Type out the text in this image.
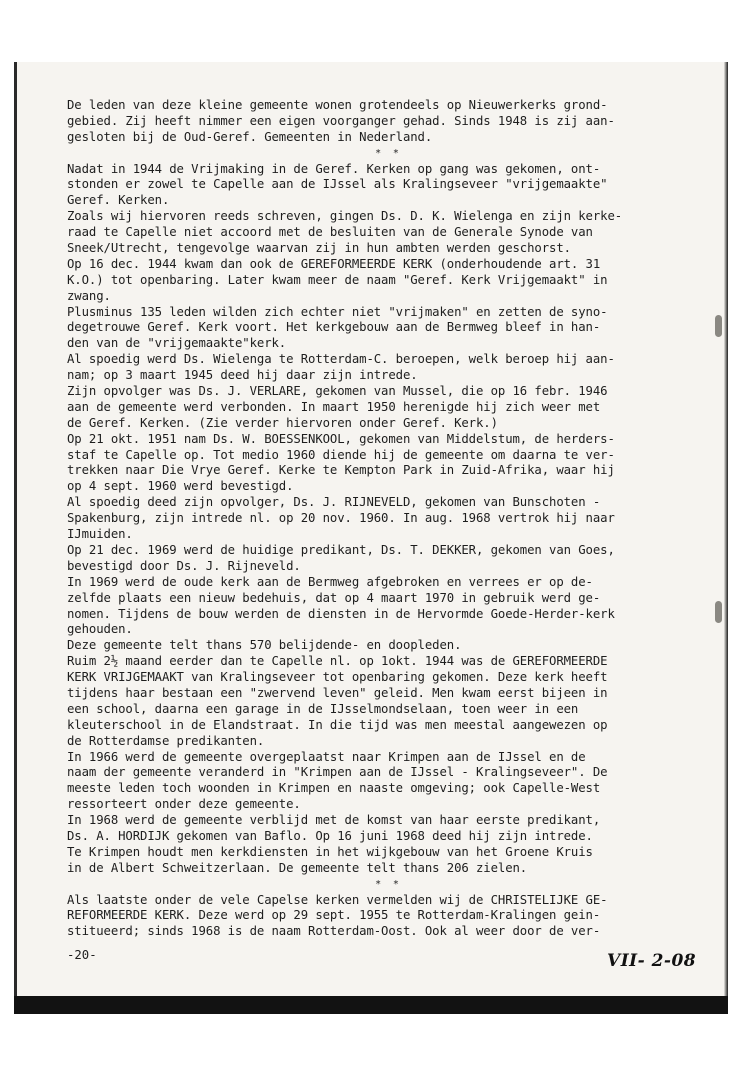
De leden van deze kleine gemeente wonen grotendeels op Nieuwerkerks grond-
gebied. Zij heeft nimmer een eigen voorganger gehad. Sinds 1948 is zij aan-
gesloten bij de Oud-Geref. Gemeenten in Nederland.
*  *
Nadat in 1944 de Vrijmaking in de Geref. Kerken op gang was gekomen, ont-
stonden er zowel te Capelle aan de IJssel als Kralingseveer "vrijgemaakte"
Geref. Kerken.
Zoals wij hiervoren reeds schreven, gingen Ds. D. K. Wielenga en zijn kerke-
raad te Capelle niet accoord met de besluiten van de Generale Synode van
Sneek/Utrecht, tengevolge waarvan zij in hun ambten werden geschorst.
Op 16 dec. 1944 kwam dan ook de GEREFORMEERDE KERK (onderhoudende art. 31
K.O.) tot openbaring. Later kwam meer de naam "Geref. Kerk Vrijgemaakt" in
zwang.
Plusminus 135 leden wilden zich echter niet "vrijmaken" en zetten de syno-
degetrouwe Geref. Kerk voort. Het kerkgebouw aan de Bermweg bleef in han-
den van de "vrijgemaakte"kerk.
Al spoedig werd Ds. Wielenga te Rotterdam-C. beroepen, welk beroep hij aan-
nam; op 3 maart 1945 deed hij daar zijn intrede.
Zijn opvolger was Ds. J. VERLARE, gekomen van Mussel, die op 16 febr. 1946
aan de gemeente werd verbonden. In maart 1950 herenigde hij zich weer met
de Geref. Kerken. (Zie verder hiervoren onder Geref. Kerk.)
Op 21 okt. 1951 nam Ds. W. BOESSENKOOL, gekomen van Middelstum, de herders-
staf te Capelle op. Tot medio 1960 diende hij de gemeente om daarna te ver-
trekken naar Die Vrye Geref. Kerke te Kempton Park in Zuid-Afrika, waar hij
op 4 sept. 1960 werd bevestigd.
Al spoedig deed zijn opvolger, Ds. J. RIJNEVELD, gekomen van Bunschoten -
Spakenburg, zijn intrede nl. op 20 nov. 1960. In aug. 1968 vertrok hij naar
IJmuiden.
Op 21 dec. 1969 werd de huidige predikant, Ds. T. DEKKER, gekomen van Goes,
bevestigd door Ds. J. Rijneveld.
In 1969 werd de oude kerk aan de Bermweg afgebroken en verrees er op de-
zelfde plaats een nieuw bedehuis, dat op 4 maart 1970 in gebruik werd ge-
nomen. Tijdens de bouw werden de diensten in de Hervormde Goede-Herder-kerk
gehouden.
Deze gemeente telt thans 570 belijdende- en doopleden.
Ruim 2½ maand eerder dan te Capelle nl. op 1okt. 1944 was de GEREFORMEERDE
KERK VRIJGEMAAKT van Kralingseveer tot openbaring gekomen. Deze kerk heeft
tijdens haar bestaan een "zwervend leven" geleid. Men kwam eerst bijeen in
een school, daarna een garage in de IJsselmondselaan, toen weer in een
kleuterschool in de Elandstraat. In die tijd was men meestal aangewezen op
de Rotterdamse predikanten.
In 1966 werd de gemeente overgeplaatst naar Krimpen aan de IJssel en de
naam der gemeente veranderd in "Krimpen aan de IJssel - Kralingseveer". De
meeste leden toch woonden in Krimpen en naaste omgeving; ook Capelle-West
ressorteert onder deze gemeente.
In 1968 werd de gemeente verblijd met de komst van haar eerste predikant,
Ds. A. HORDIJK gekomen van Baflo. Op 16 juni 1968 deed hij zijn intrede.
Te Krimpen houdt men kerkdiensten in het wijkgebouw van het Groene Kruis
in de Albert Schweitzerlaan. De gemeente telt thans 206 zielen.
*  *
Als laatste onder de vele Capelse kerken vermelden wij de CHRISTELIJKE GE-
REFORMEERDE KERK. Deze werd op 29 sept. 1955 te Rotterdam-Kralingen gein-
stitueerd; sinds 1968 is de naam Rotterdam-Oost. Ook al weer door de ver-
-20-	VII- 2-08
